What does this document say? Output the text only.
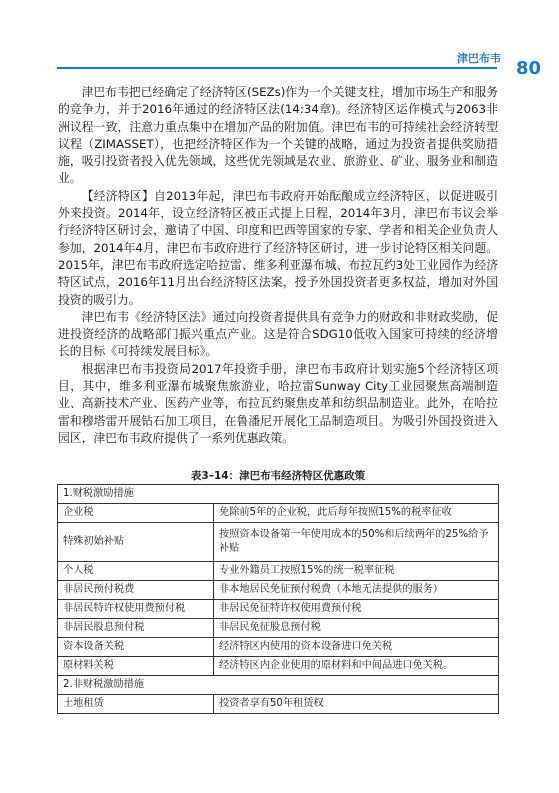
津巴布韦 80

津巴布韦把已经确定了经济特区(SEZs)作为一个关键支柱，增加市场生产和服务的竞争力，并于2016年通过的经济特区法(14:34章)。经济特区运作模式与2063非洲议程一致，注意力重点集中在增加产品的附加值。津巴布韦的可持续社会经济转型议程（ZIMASSET），也把经济特区作为一个关键的战略，通过为投资者提供奖励措施，吸引投资者投入优先领域，这些优先领域是农业、旅游业、矿业、服务业和制造业。

【经济特区】自2013年起，津巴布韦政府开始酝酿成立经济特区，以促进吸引外来投资。2014年，设立经济特区被正式提上日程，2014年3月，津巴布韦议会举行经济特区研讨会，邀请了中国、印度和巴西等国家的专家、学者和相关企业负责人参加，2014年4月，津巴布韦政府进行了经济特区研讨，进一步讨论特区相关问题。2015年，津巴布韦政府选定哈拉雷、维多利亚瀑布城、布拉瓦约3处工业园作为经济特区试点，2016年11月出台经济特区法案，授予外国投资者更多权益，增加对外国投资的吸引力。

津巴布韦《经济特区法》通过向投资者提供具有竞争力的财政和非财政奖励，促进投资经济的战略部门振兴重点产业。这是符合SDG10低收入国家可持续的经济增长的目标《可持续发展目标》。

根据津巴布韦投资局2017年投资手册，津巴布韦政府计划实施5个经济特区项目，其中，维多利亚瀑布城聚焦旅游业，哈拉雷Sunway City工业园聚焦高端制造业、高新技术产业、医药产业等，布拉瓦约聚焦皮革和纺织品制造业。此外，在哈拉雷和穆塔雷开展钻石加工项目，在鲁潘尼开展化工品制造项目。为吸引外国投资进入园区，津巴布韦政府提供了一系列优惠政策。

表3–14：津巴布韦经济特区优惠政策
1.财税激励措施	
企业税	免除前5年的企业税，此后每年按照15%的税率征收
特殊初始补贴	按照资本设备第一年使用成本的50%和后续两年的25%给予补贴
个人税	专业外籍员工按照15%的统一税率征税
非居民预付税费	非本地居民免征预付税费（本地无法提供的服务）
非居民特许权使用费预付税	非居民免征特许权使用费预付税
非居民股息预付税	非居民免征股息预付税
资本设备关税	经济特区内使用的资本设备进口免关税
原材料关税	经济特区内企业使用的原材料和中间品进口免关税。
2.非财税激励措施	
土地租赁	投资者享有50年租赁权
